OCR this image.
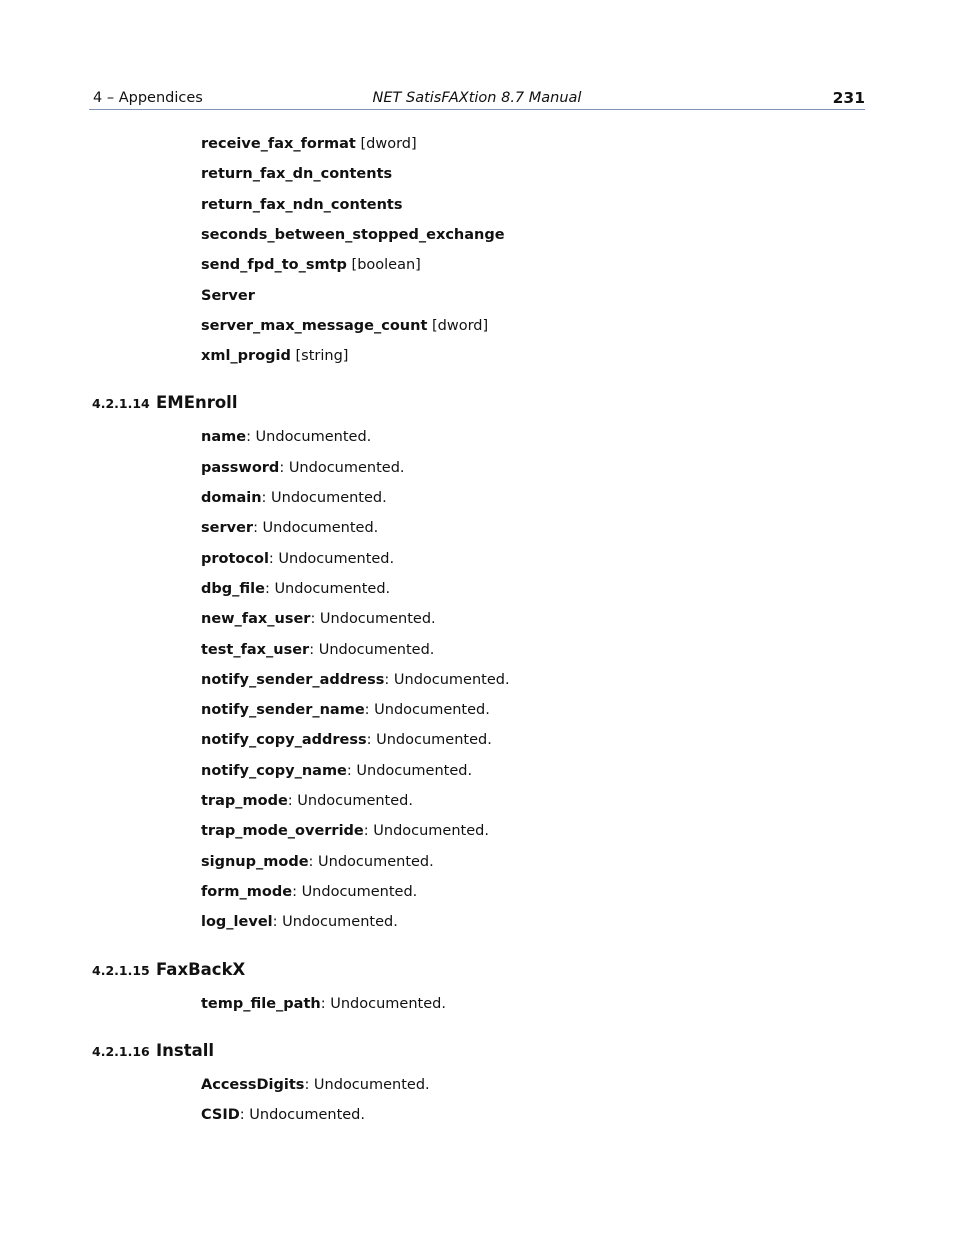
4 – Appendices	NET SatisFAXtion 8.7 Manual	231
receive_fax_format [dword]
return_fax_dn_contents
return_fax_ndn_contents
seconds_between_stopped_exchange
send_fpd_to_smtp [boolean]
Server
server_max_message_count [dword]
xml_progid [string]
4.2.1.14 EMEnroll
name: Undocumented.
password: Undocumented.
domain: Undocumented.
server: Undocumented.
protocol: Undocumented.
dbg_file: Undocumented.
new_fax_user: Undocumented.
test_fax_user: Undocumented.
notify_sender_address: Undocumented.
notify_sender_name: Undocumented.
notify_copy_address: Undocumented.
notify_copy_name: Undocumented.
trap_mode: Undocumented.
trap_mode_override: Undocumented.
signup_mode: Undocumented.
form_mode: Undocumented.
log_level: Undocumented.
4.2.1.15 FaxBackX
temp_file_path: Undocumented.
4.2.1.16 Install
AccessDigits: Undocumented.
CSID: Undocumented.
